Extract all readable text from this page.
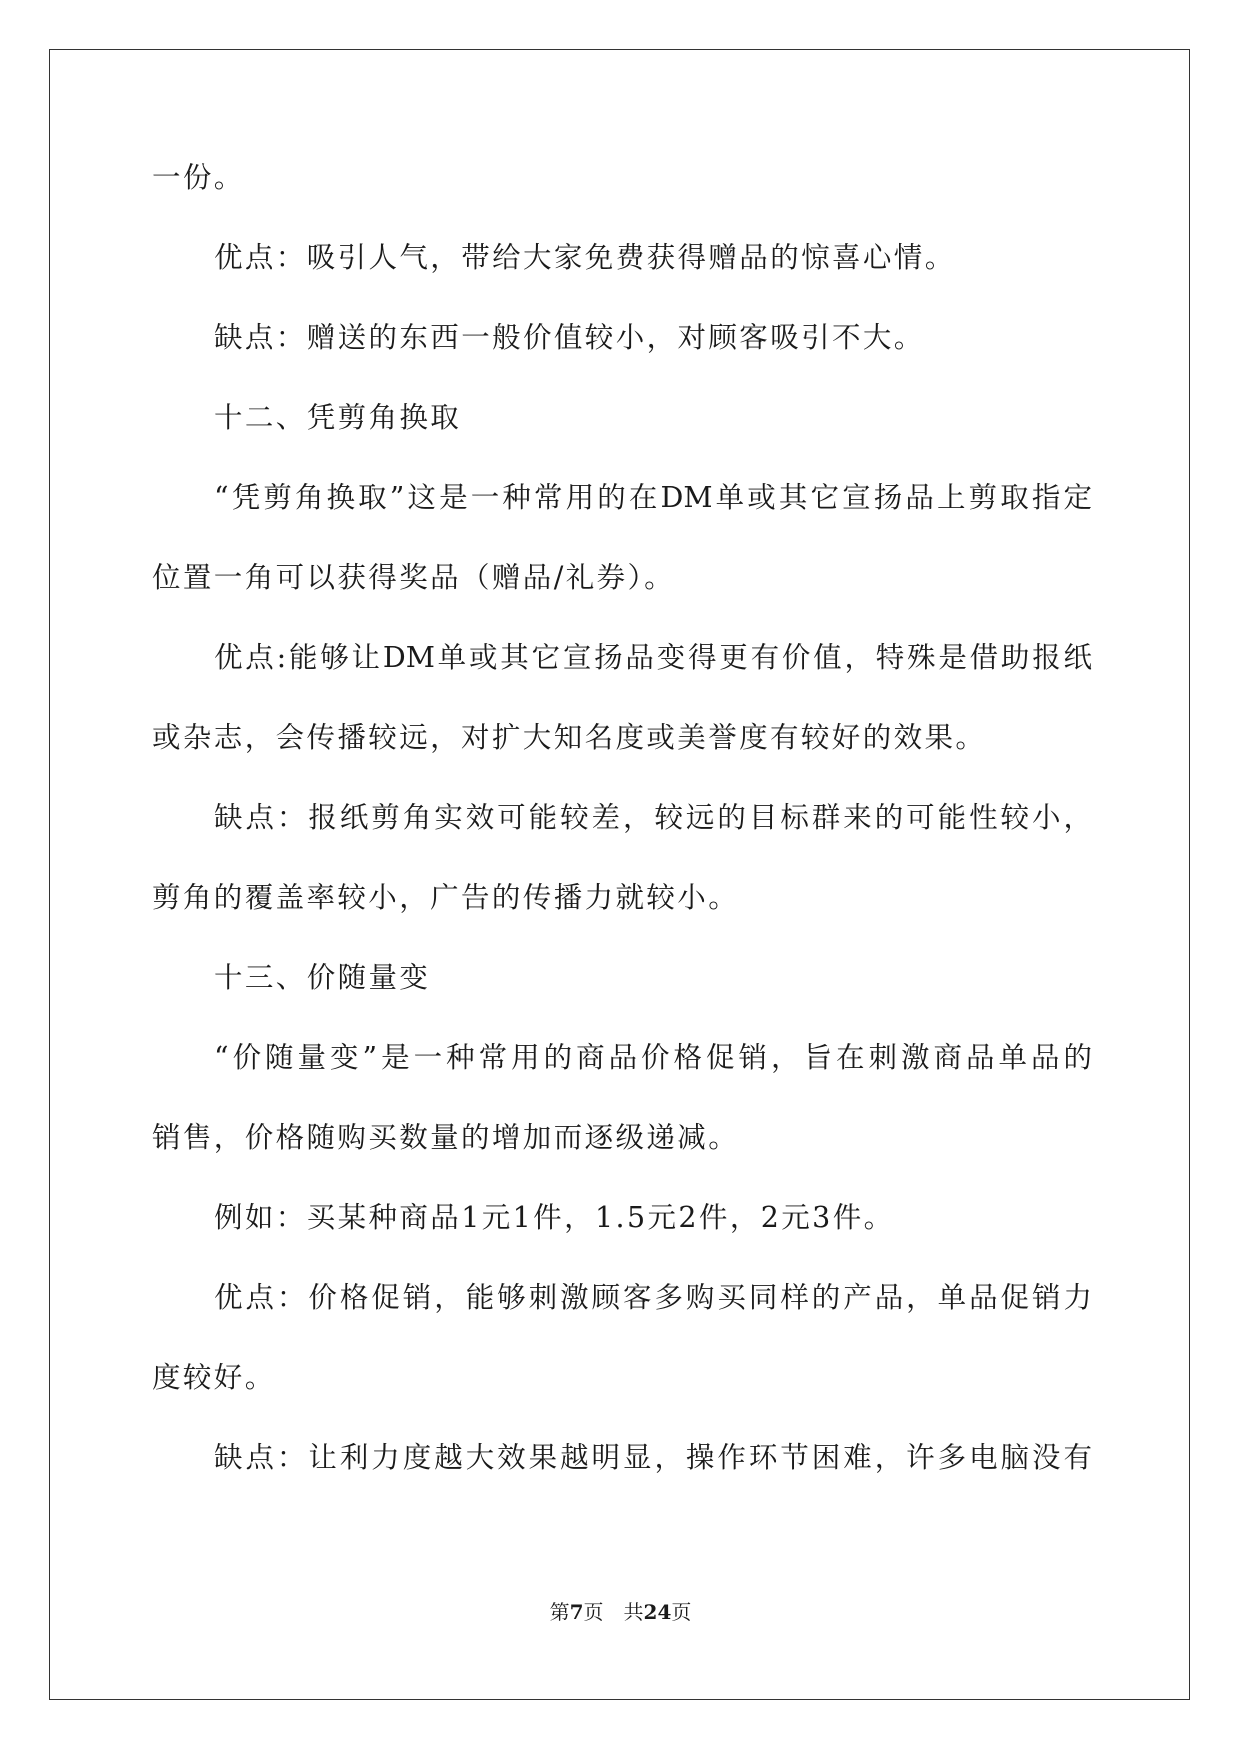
一份。
优点：吸引人气，带给大家免费获得赠品的惊喜心情。
缺点：赠送的东西一般价值较小，对顾客吸引不大。
十二、凭剪角换取
“凭剪角换取”这是一种常用的在DM单或其它宣扬品上剪取指定
位置一角可以获得奖品（赠品/礼券）。
优点:能够让DM单或其它宣扬品变得更有价值，特殊是借助报纸
或杂志，会传播较远，对扩大知名度或美誉度有较好的效果。
缺点：报纸剪角实效可能较差，较远的目标群来的可能性较小，
剪角的覆盖率较小，广告的传播力就较小。
十三、价随量变
“价随量变”是一种常用的商品价格促销，旨在刺激商品单品的
销售，价格随购买数量的增加而逐级递减。
例如：买某种商品1元1件，1.5元2件，2元3件。
优点：价格促销，能够刺激顾客多购买同样的产品，单品促销力
度较好。
缺点：让利力度越大效果越明显，操作环节困难，许多电脑没有
第7页 共24页
